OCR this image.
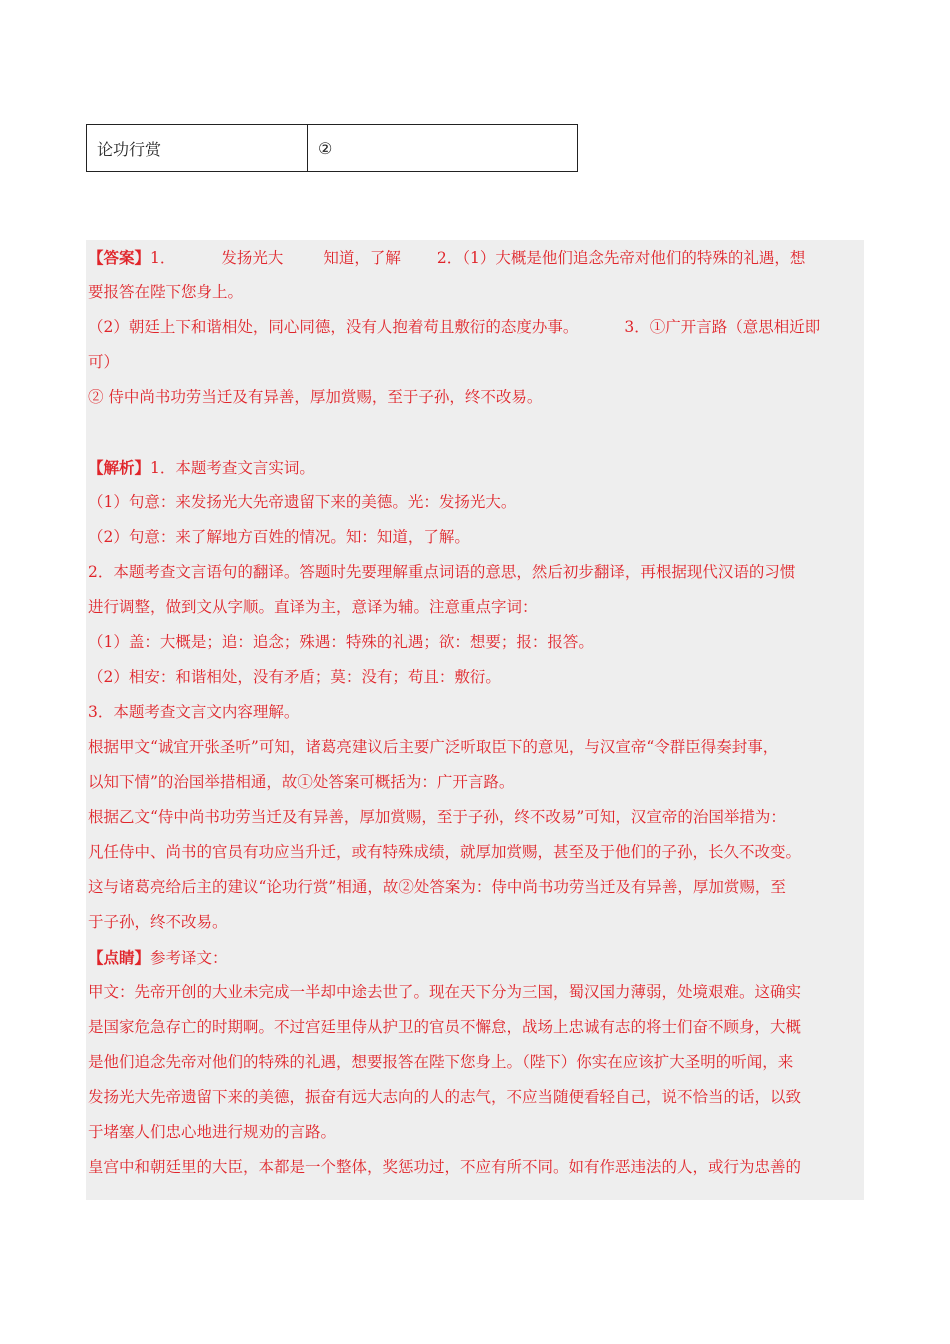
论功行赏	②
【答案】1．	发扬光大	知道，了解 2．（1）大概是他们追念先帝对他们的特殊的礼遇，想
要报答在陛下您身上。
（2）朝廷上下和谐相处，同心同德，没有人抱着苟且敷衍的态度办事。	3．①广开言路（意思相近即
可）
② 侍中尚书功劳当迁及有异善，厚加赏赐，至于子孙，终不改易。
【解析】1．本题考查文言实词。
（1）句意：来发扬光大先帝遗留下来的美德。光：发扬光大。
（2）句意：来了解地方百姓的情况。知：知道，了解。
2．本题考查文言语句的翻译。答题时先要理解重点词语的意思，然后初步翻译，再根据现代汉语的习惯
进行调整，做到文从字顺。直译为主，意译为辅。注意重点字词：
（1）盖：大概是；追：追念；殊遇：特殊的礼遇；欲：想要；报：报答。
（2）相安：和谐相处，没有矛盾；莫：没有；苟且：敷衍。
3．本题考查文言文内容理解。
根据甲文“诚宜开张圣听”可知，诸葛亮建议后主要广泛听取臣下的意见，与汉宣帝“令群臣得奏封事，
以知下情”的治国举措相通，故①处答案可概括为：广开言路。
根据乙文“侍中尚书功劳当迁及有异善，厚加赏赐，至于子孙，终不改易”可知，汉宣帝的治国举措为：
凡任侍中、尚书的官员有功应当升迁，或有特殊成绩，就厚加赏赐，甚至及于他们的子孙，长久不改变。
这与诸葛亮给后主的建议“论功行赏”相通，故②处答案为：侍中尚书功劳当迁及有异善，厚加赏赐，至
于子孙，终不改易。
【点睛】参考译文：
甲文：先帝开创的大业未完成一半却中途去世了。现在天下分为三国，蜀汉国力薄弱，处境艰难。这确实
是国家危急存亡的时期啊。不过宫廷里侍从护卫的官员不懈怠，战场上忠诚有志的将士们奋不顾身，大概
是他们追念先帝对他们的特殊的礼遇，想要报答在陛下您身上。（陛下）你实在应该扩大圣明的听闻，来
发扬光大先帝遗留下来的美德，振奋有远大志向的人的志气，不应当随便看轻自己，说不恰当的话，以致
于堵塞人们忠心地进行规劝的言路。
皇宫中和朝廷里的大臣，本都是一个整体，奖惩功过，不应有所不同。如有作恶违法的人，或行为忠善的
